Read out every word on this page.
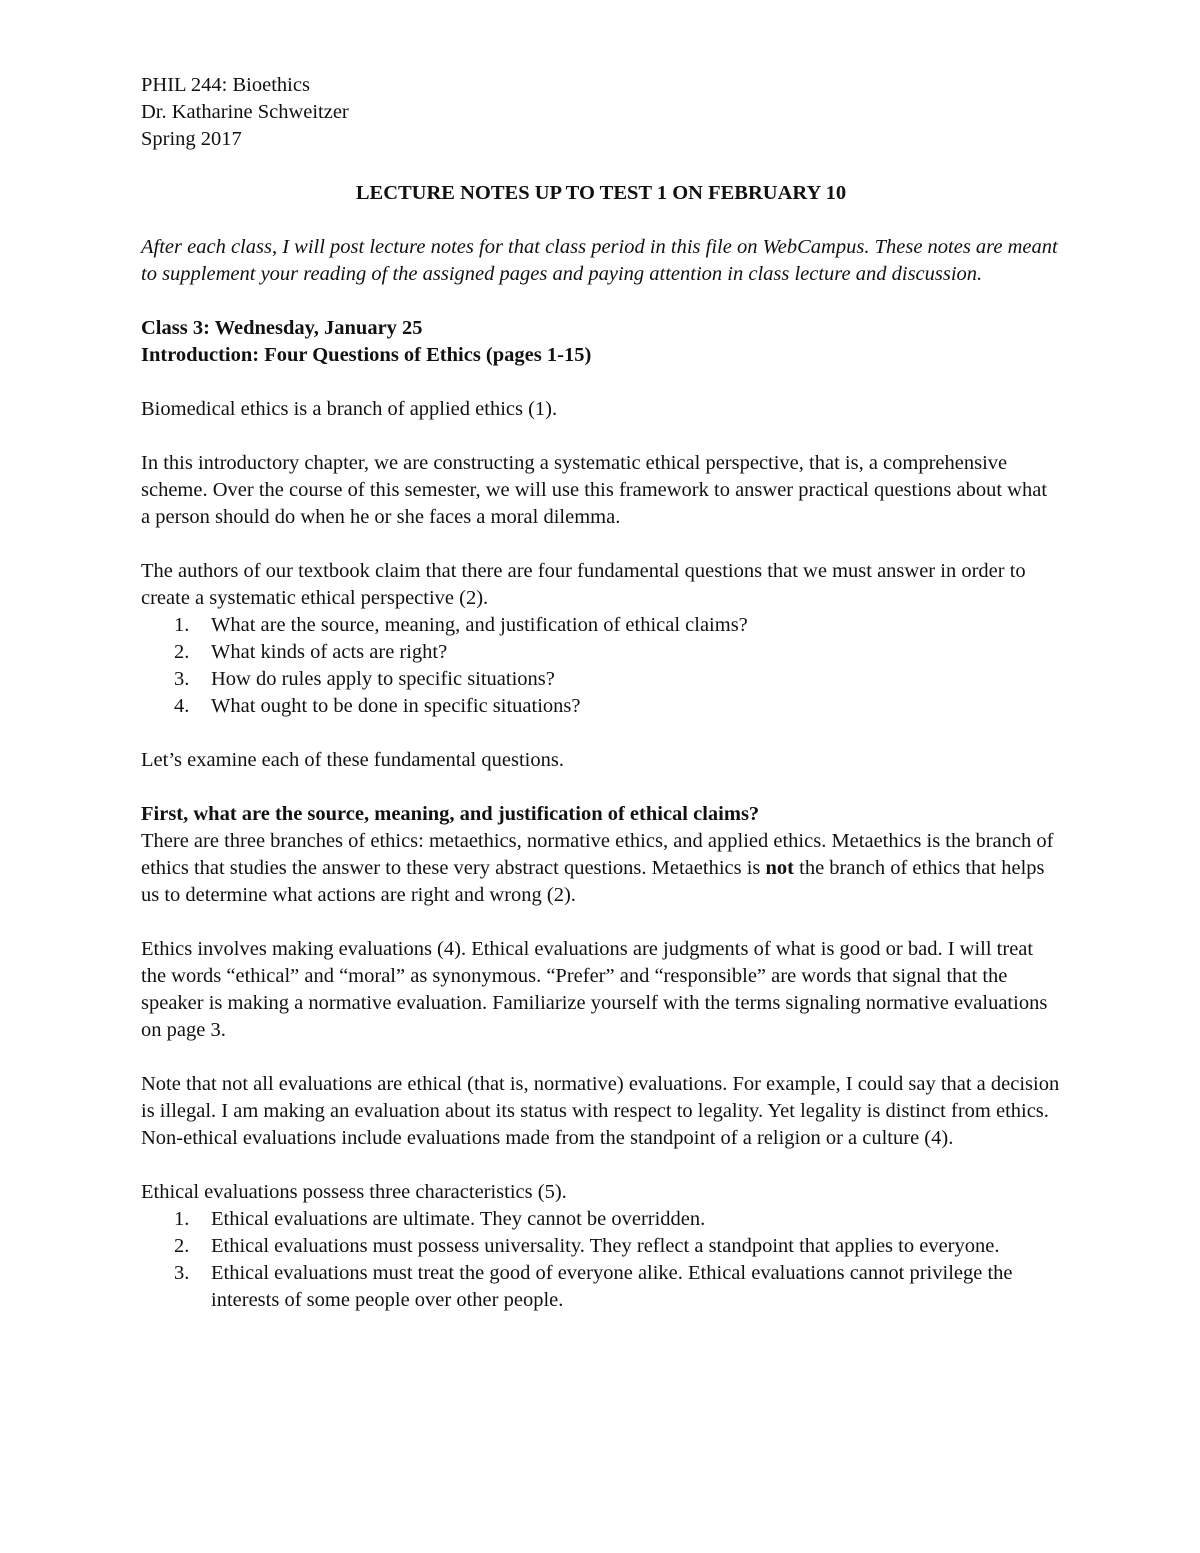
PHIL 244: Bioethics
Dr. Katharine Schweitzer
Spring 2017
LECTURE NOTES UP TO TEST 1 ON FEBRUARY 10

After each class, I will post lecture notes for that class period in this file on WebCampus. These notes are meant to supplement your reading of the assigned pages and paying attention in class lecture and discussion.

Class 3: Wednesday, January 25
Introduction: Four Questions of Ethics (pages 1-15)

Biomedical ethics is a branch of applied ethics (1).

In this introductory chapter, we are constructing a systematic ethical perspective, that is, a comprehensive scheme. Over the course of this semester, we will use this framework to answer practical questions about what a person should do when he or she faces a moral dilemma.

The authors of our textbook claim that there are four fundamental questions that we must answer in order to create a systematic ethical perspective (2).

1.	What are the source, meaning, and justification of ethical claims?
2.	What kinds of acts are right?
3.	How do rules apply to specific situations?
4.	What ought to be done in specific situations?

Let’s examine each of these fundamental questions.

First, what are the source, meaning, and justification of ethical claims?

There are three branches of ethics: metaethics, normative ethics, and applied ethics. Metaethics is the branch of ethics that studies the answer to these very abstract questions. Metaethics is not the branch of ethics that helps us to determine what actions are right and wrong (2).

Ethics involves making evaluations (4). Ethical evaluations are judgments of what is good or bad. I will treat the words “ethical” and “moral” as synonymous. “Prefer” and “responsible” are words that signal that the speaker is making a normative evaluation. Familiarize yourself with the terms signaling normative evaluations on page 3.

Note that not all evaluations are ethical (that is, normative) evaluations. For example, I could say that a decision is illegal. I am making an evaluation about its status with respect to legality. Yet legality is distinct from ethics. Non-ethical evaluations include evaluations made from the standpoint of a religion or a culture (4).

Ethical evaluations possess three characteristics (5).

1.	Ethical evaluations are ultimate. They cannot be overridden.
2.	Ethical evaluations must possess universality. They reflect a standpoint that applies to everyone.
3.	Ethical evaluations must treat the good of everyone alike. Ethical evaluations cannot privilege the interests of some people over other people.
